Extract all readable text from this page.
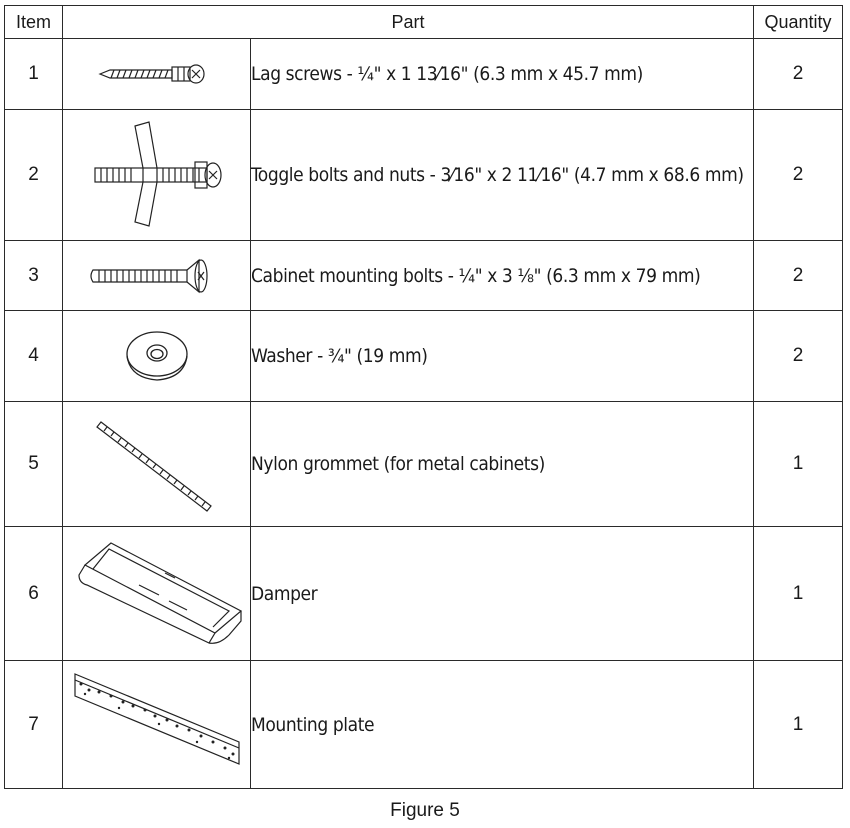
Item	Part		Quantity
1		Lag screws - ¼" x 1 13⁄16" (6.3 mm x 45.7 mm)	2
2		Toggle bolts and nuts - 3⁄16" x 2 11⁄16" (4.7 mm x 68.6 mm)	2
3		Cabinet mounting bolts - ¼" x 3 ⅛" (6.3 mm x 79 mm)	2
4		Washer - ¾" (19 mm)	2
5		Nylon grommet (for metal cabinets)	1
6		Damper	1
7		Mounting plate	1
Figure 5
